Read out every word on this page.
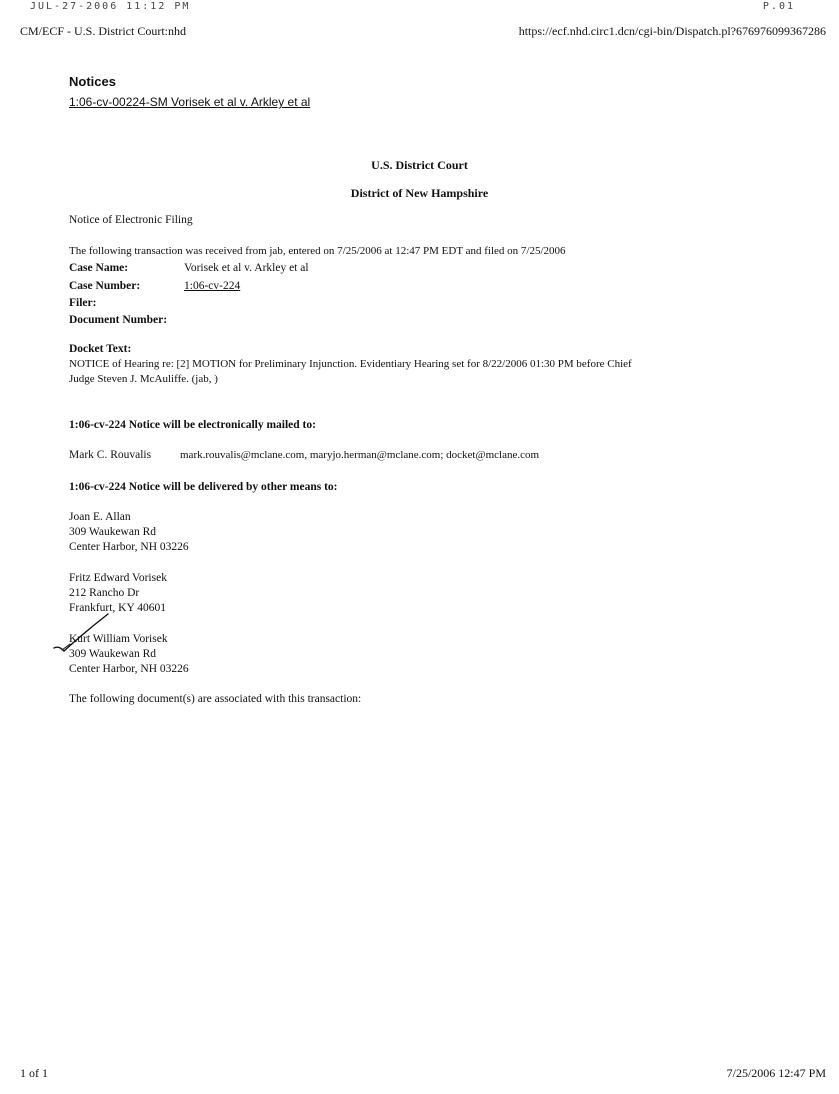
JUL-27-2006 11:12 PM	P.01
CM/ECF - U.S. District Court:nhd	https://ecf.nhd.circ1.dcn/cgi-bin/Dispatch.pl?676976099367286
Notices
1:06-cv-00224-SM Vorisek et al v. Arkley et al
U.S. District Court
District of New Hampshire
Notice of Electronic Filing
The following transaction was received from jab, entered on 7/25/2006 at 12:47 PM EDT and filed on 7/25/2006
Case Name:	Vorisek et al v. Arkley et al
Case Number:	1:06-cv-224
Filer:
Document Number:
Docket Text:
NOTICE of Hearing re: [2] MOTION for Preliminary Injunction. Evidentiary Hearing set for 8/22/2006 01:30 PM before Chief
Judge Steven J. McAuliffe. (jab, )
1:06-cv-224 Notice will be electronically mailed to:
Mark C. Rouvalis	mark.rouvalis@mclane.com, maryjo.herman@mclane.com; docket@mclane.com
1:06-cv-224 Notice will be delivered by other means to:
Joan E. Allan
309 Waukewan Rd
Center Harbor, NH 03226
Fritz Edward Vorisek
212 Rancho Dr
Frankfurt, KY 40601
Kurt William Vorisek
309 Waukewan Rd
Center Harbor, NH 03226
The following document(s) are associated with this transaction:
1 of 1	7/25/2006 12:47 PM
